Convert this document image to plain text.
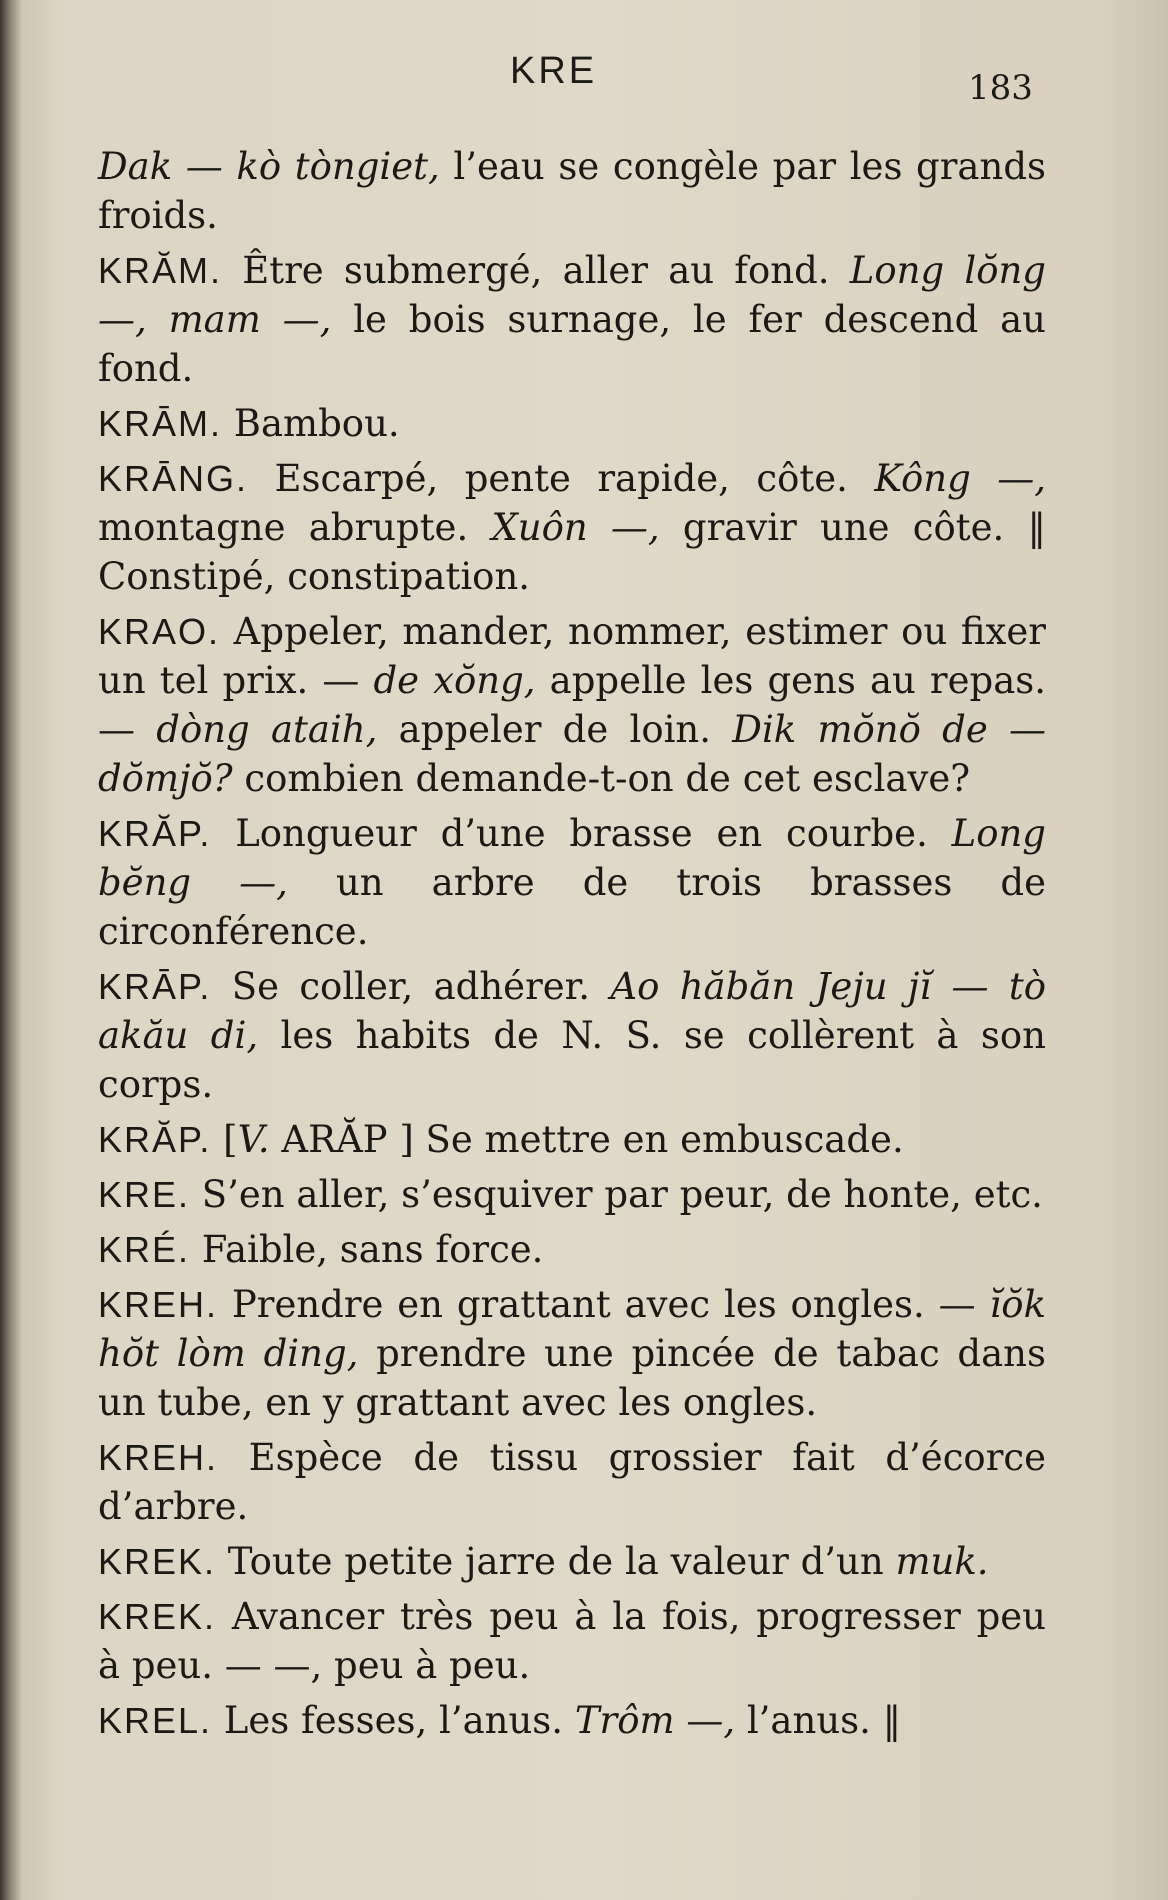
KRE	183

Dak — kò tòngiet, l’eau se congèle par les grands froids.

KRĂM. Être submergé, aller au fond. Long lŏng —, mam —, le bois surnage, le fer descend au fond.

KRĀM. Bambou.

KRĀNG. Escarpé, pente rapide, côte. Kông —, montagne abrupte. Xuôn —, gravir une côte. ‖ Constipé, constipation.

KRAO. Appeler, mander, nommer, estimer ou fixer un tel prix. — de xŏng, appelle les gens au repas. — dòng ataih, appeler de loin. Dik mŏnŏ de — dŏmjŏ? combien demande-t-on de cet esclave?

KRĂP. Longueur d’une brasse en courbe. Long bĕng —, un arbre de trois brasses de circonférence.

KRĀP. Se coller, adhérer. Ao hăbăn Jeju jĭ — tò akău di, les habits de N. S. se collèrent à son corps.

KRĂP. [V. ARĂP ] Se mettre en embuscade.

KRE. S’en aller, s’esquiver par peur, de honte, etc.

KRÉ. Faible, sans force.

KREH. Prendre en grattant avec les ongles. — ĭŏk hŏt lòm ding, prendre une pincée de tabac dans un tube, en y grattant avec les ongles.

KREH. Espèce de tissu grossier fait d’écorce d’arbre.

KREK. Toute petite jarre de la valeur d’un muk.

KREK. Avancer très peu à la fois, progresser peu à peu. — —, peu à peu.

KREL. Les fesses, l’anus. Trôm —, l’anus. ‖
